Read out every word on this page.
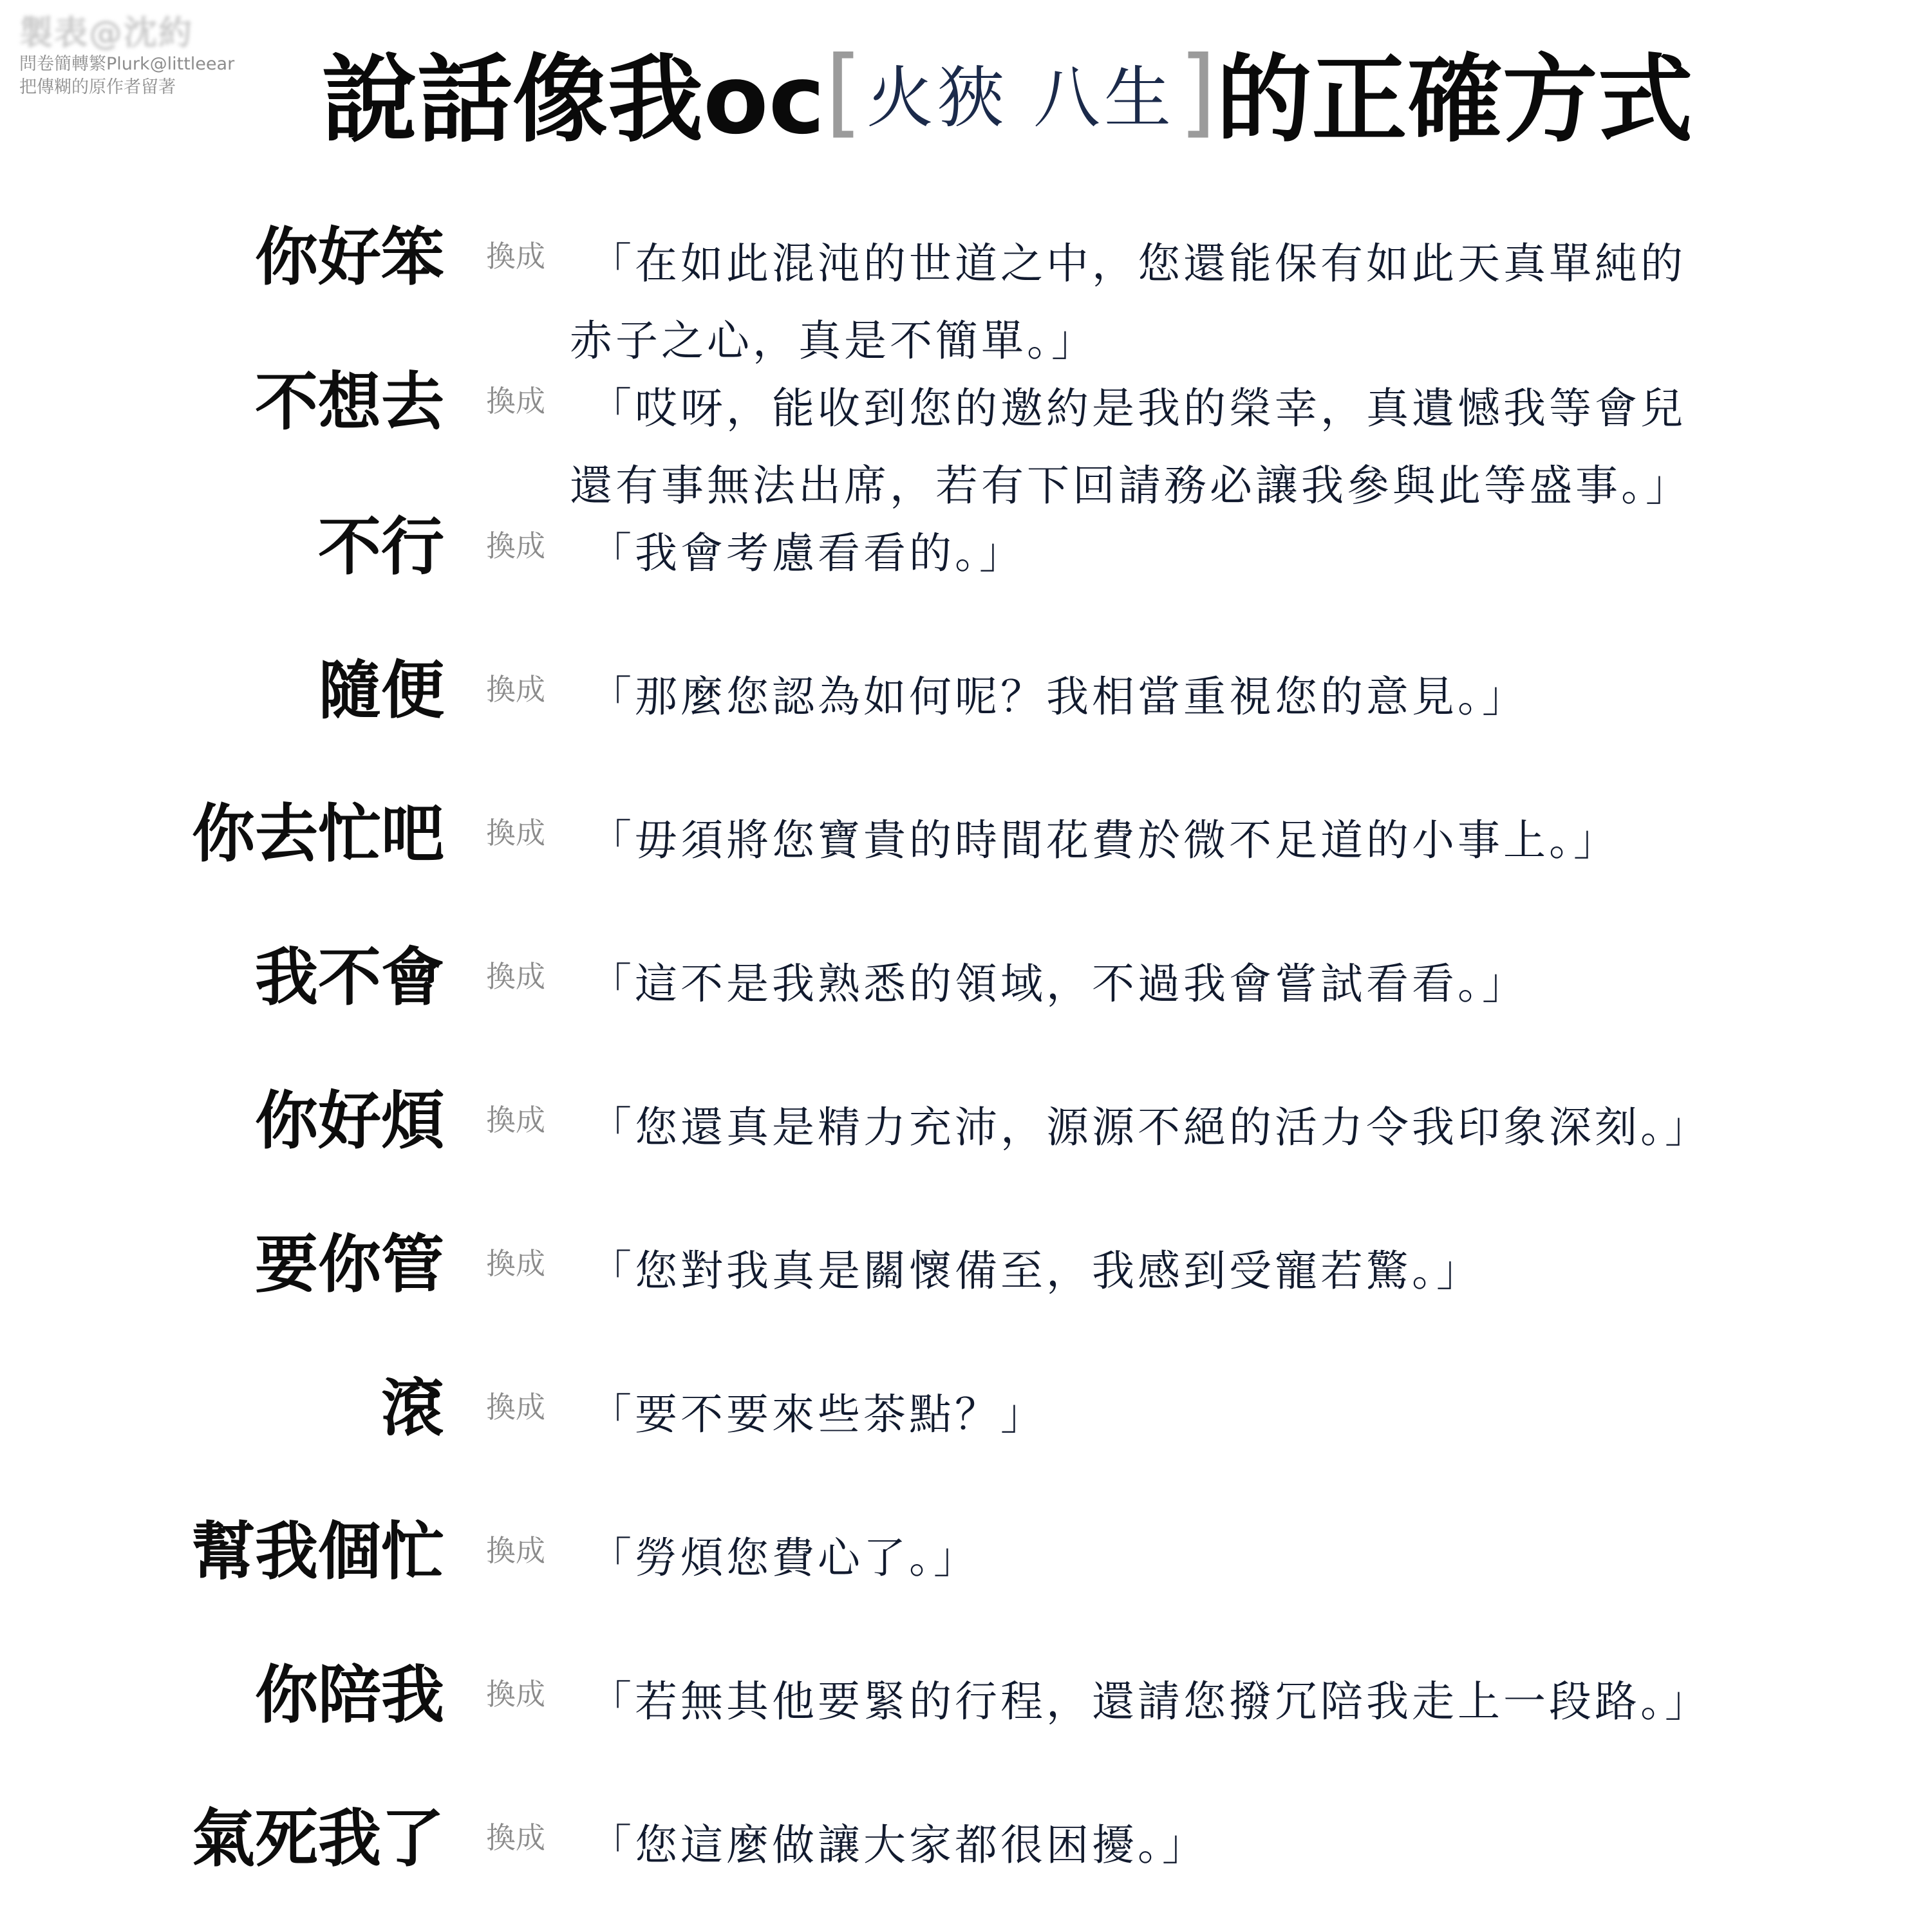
製表@沈約
問卷簡轉繁Plurk@littleear
把傳糊的原作者留著	說話像我oc [ 火狹 八生 ] 的正確方式
你好笨 換成	「在如此混沌的世道之中，您還能保有如此天真單純的赤子之心，真是不簡單。」
不想去 換成	「哎呀，能收到您的邀約是我的榮幸，真遺憾我等會兒還有事無法出席，若有下回請務必讓我參與此等盛事。」
不行 換成	「我會考慮看看的。」
隨便 換成	「那麼您認為如何呢？我相當重視您的意見。」
你去忙吧 換成	「毋須將您寶貴的時間花費於微不足道的小事上。」
我不會 換成	「這不是我熟悉的領域，不過我會嘗試看看。」
你好煩 換成	「您還真是精力充沛，源源不絕的活力令我印象深刻。」
要你管 換成	「您對我真是關懷備至，我感到受寵若驚。」
滾 換成	「要不要來些茶點？」
幫我個忙 換成	「勞煩您費心了。」
你陪我 換成	「若無其他要緊的行程，還請您撥冗陪我走上一段路。」
氣死我了 換成	「您這麼做讓大家都很困擾。」
